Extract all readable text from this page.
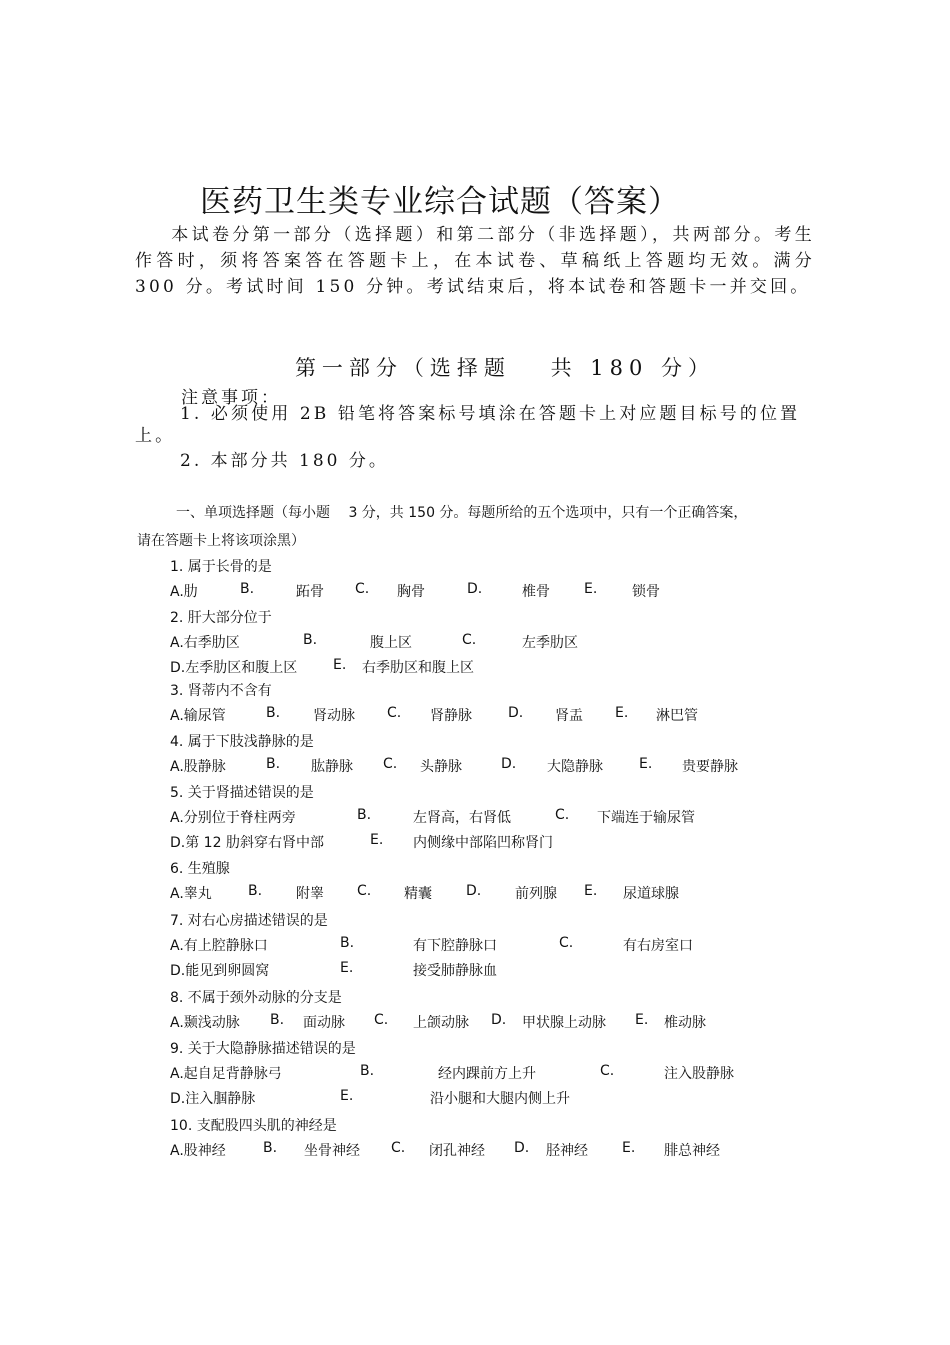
医药卫生类专业综合试题（答案）
本试卷分第一部分（选择题）和第二部分（非选择题），共两部分。考生作答时，须将答案答在答题卡上，在本试卷、草稿纸上答题均无效。满分 300 分。考试时间 150 分钟。考试结束后，将本试卷和答题卡一并交回。
第一部分（选择题　 共 180 分）
注意事项：
1. 必须使用 2B 铅笔将答案标号填涂在答题卡上对应题目标号的位置上。
2. 本部分共 180 分。
一、单项选择题（每小题　 3 分，共 150 分。每题所给的五个选项中，只有一个正确答案，
请在答题卡上将该项涂黑）
1. 属于长骨的是
A.肋	B.	跖骨 C. 胸骨	D.	椎骨 E. 锁骨
2. 肝大部分位于
A.右季肋区	B.	腹上区	C.	左季肋区
D.左季肋区和腹上区	E. 右季肋区和腹上区
3. 肾蒂内不含有
A.输尿管	B. 肾动脉 C. 肾静脉	D. 肾盂 E. 淋巴管
4. 属于下肢浅静脉的是
A.股静脉	B. 肱静脉 C. 头静脉	D. 大隐静脉	E. 贵要静脉
5. 关于肾描述错误的是
A.分别位于脊柱两旁	B.	左肾高，右肾低	C. 下端连于输尿管
D.第 12 肋斜穿右肾中部	E. 内侧缘中部陷凹称肾门
6. 生殖腺
A.睾丸	B. 附睾 C. 精囊 D. 前列腺 E. 尿道球腺
7. 对右心房描述错误的是
A.有上腔静脉口	B.	有下腔静脉口	C.	有右房室口
D.能见到卵圆窝	E.	接受肺静脉血
8. 不属于颈外动脉的分支是
A.颞浅动脉 B. 面动脉 C. 上颌动脉 D. 甲状腺上动脉 E. 椎动脉
9. 关于大隐静脉描述错误的是
A.起自足背静脉弓	B.	经内踝前方上升	C.	注入股静脉
D.注入腘静脉	E.	沿小腿和大腿内侧上升
10. 支配股四头肌的神经是
A.股神经	B. 坐骨神经 C. 闭孔神经 D. 胫神经 E. 腓总神经
